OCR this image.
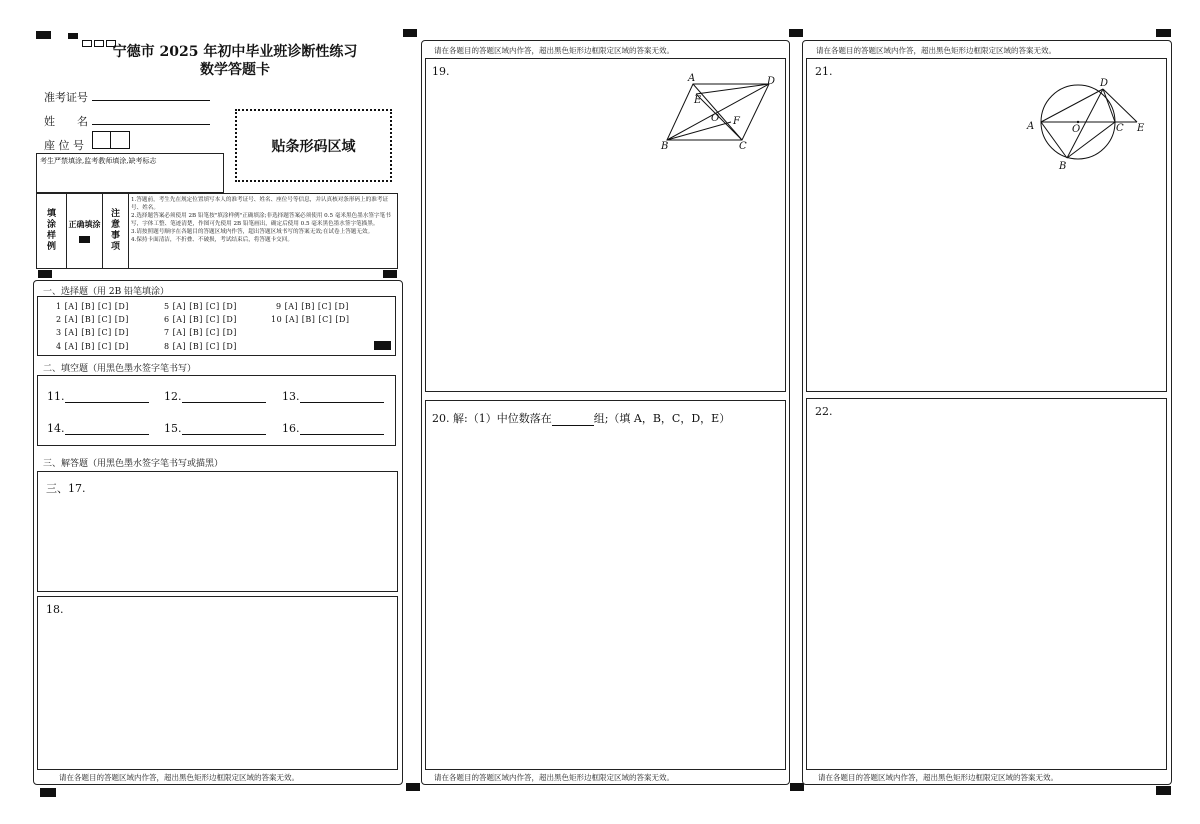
宁德市 2025 年初中毕业班诊断性练习
数学答题卡
准考证号
姓　　名
座 位 号	贴条形码区域
考生严禁填涂,监考教师填涂,缺考标志
填
涂
样
例
正确填涂
注
意
事
项
1.答题前，考生先在规定位置填写本人的准考证号、姓名、座位号等信息，并认真核对条形码上的准考证号、姓名。
2.选择题答案必须使用 2B 铅笔按"填涂样例"正确填涂;非选择题答案必须使用 0.5 毫米黑色墨水签字笔书写，字体工整、笔迹清楚，作图可先使用 2B 铅笔画出，确定后使用 0.5 毫米黑色墨水签字笔描黑。
3.请按照题号顺序在各题目的答题区域内作答，超出答题区域书写的答案无效;在试卷上答题无效。
4.保持卡面清洁，不折叠、不破损，考试结束后，将答题卡交回。
一、选择题（用 2B 铅笔填涂）
1 [A] [B] [C] [D]	5 [A] [B] [C] [D]	9 [A] [B] [C] [D]
2 [A] [B] [C] [D]	6 [A] [B] [C] [D]	10 [A] [B] [C] [D]
3 [A] [B] [C] [D]	7 [A] [B] [C] [D]
4 [A] [B] [C] [D]	8 [A] [B] [C] [D]
二、填空题（用黑色墨水签字笔书写）
11.	12.	13.
14.	15.	16.
三、解答题（用黑色墨水签字笔书写或描黑）
三、17.
18.
请在各题目的答题区域内作答，超出黑色矩形边框限定区域的答案无效。
请在各题目的答题区域内作答，超出黑色矩形边框限定区域的答案无效。
19.
A	D
E
O F
B	C
20. 解:（1）中位数落在	组;（填 A，B，C，D，E）
请在各题目的答题区域内作答，超出黑色矩形边框限定区域的答案无效。
请在各题目的答题区域内作答，超出黑色矩形边框限定区域的答案无效。
21.
D
A	O	C E
B
22.
请在各题目的答题区域内作答，超出黑色矩形边框限定区域的答案无效。
